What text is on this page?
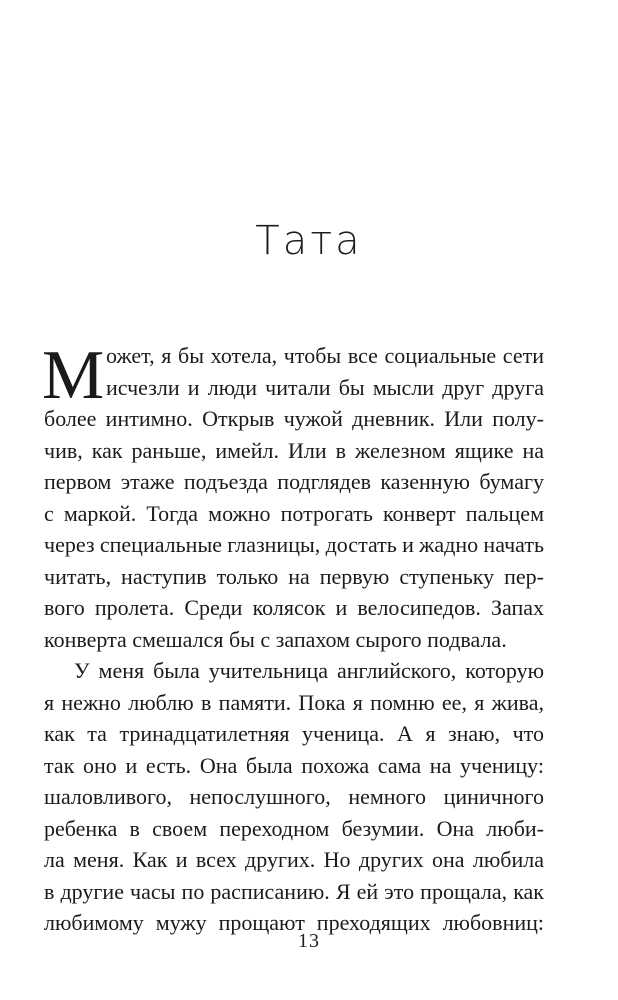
Тата
М ожет, я бы хотела, чтобы все социальные сети
исчезли и люди читали бы мысли друг друга
более интимно. Открыв чужой дневник. Или полу-
чив, как раньше, имейл. Или в железном ящике на
первом этаже подъезда подглядев казенную бумагу
с маркой. Тогда можно потрогать конверт пальцем
через специальные глазницы, достать и жадно начать
читать, наступив только на первую ступеньку пер-
вого пролета. Среди колясок и велосипедов. Запах
конверта смешался бы с запахом сырого подвала.
У меня была учительница английского, которую
я нежно люблю в памяти. Пока я помню ее, я жива,
как та тринадцатилетняя ученица. А я знаю, что
так оно и есть. Она была похожа сама на ученицу:
шаловливого, непослушного, немного циничного
ребенка в своем переходном безумии. Она люби-
ла меня. Как и всех других. Но других она любила
в другие часы по расписанию. Я ей это прощала, как
любимому мужу прощают преходящих любовниц:
13
